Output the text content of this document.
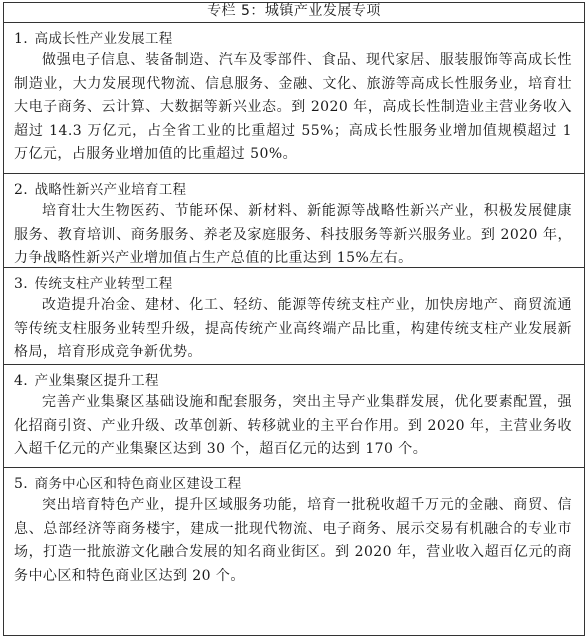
专栏 5：城镇产业发展专项
1. 高成长性产业发展工程
做强电子信息、装备制造、汽车及零部件、食品、现代家居、服装服饰等高成长性制造业，大力发展现代物流、信息服务、金融、文化、旅游等高成长性服务业，培育壮大电子商务、云计算、大数据等新兴业态。到 2020 年，高成长性制造业主营业务收入超过 14.3 万亿元，占全省工业的比重超过 55%；高成长性服务业增加值规模超过 1 万亿元，占服务业增加值的比重超过 50%。
2. 战略性新兴产业培育工程
培育壮大生物医药、节能环保、新材料、新能源等战略性新兴产业，积极发展健康服务、教育培训、商务服务、养老及家庭服务、科技服务等新兴服务业。到 2020 年，力争战略性新兴产业增加值占生产总值的比重达到 15%左右。
3. 传统支柱产业转型工程
改造提升冶金、建材、化工、轻纺、能源等传统支柱产业，加快房地产、商贸流通等传统支柱服务业转型升级，提高传统产业高终端产品比重，构建传统支柱产业发展新格局，培育形成竞争新优势。
4. 产业集聚区提升工程
完善产业集聚区基础设施和配套服务，突出主导产业集群发展，优化要素配置，强化招商引资、产业升级、改革创新、转移就业的主平台作用。到 2020 年，主营业务收入超千亿元的产业集聚区达到 30 个，超百亿元的达到 170 个。
5. 商务中心区和特色商业区建设工程
突出培育特色产业，提升区域服务功能，培育一批税收超千万元的金融、商贸、信息、总部经济等商务楼宇，建成一批现代物流、电子商务、展示交易有机融合的专业市场，打造一批旅游文化融合发展的知名商业街区。到 2020 年，营业收入超百亿元的商务中心区和特色商业区达到 20 个。
